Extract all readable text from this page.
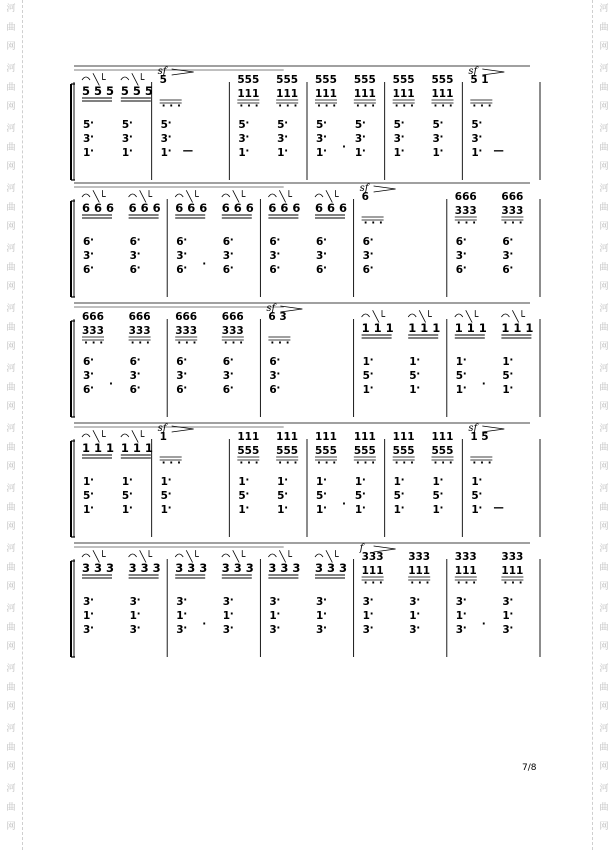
河
曲
网
河
曲
网
河
曲
网
河
曲
网
河
曲
网
河
曲
网
河
曲
网
河
曲
网
河
曲
网
河
曲
网
河
曲
网
河
曲
网
河
曲
网
河
曲
网
河
曲
网
河
曲
网
河
曲
网
河
曲
网
河
曲
网
河
曲
网
河
曲
网
河
曲
网
河
曲
网
河
曲
网
河
曲
网
河
曲
网
河
曲
网
河
曲
网
5 5 5
╲└
5 5 5
╲└
5 ·
3 ·
1 ·
5 ·
3 ·
1 ·
sf
5
· · ·
5 ·
3 ·
1 · —
555
111
· · ·
555
111
· · ·
5 ·
3 ·
1 ·
5 ·
3 ·
1 ·
555
111
· · ·
555
111
· · ·
5 ·
3 ·
1 · ·
5 ·
3 ·
1 ·
555
111
· · ·
555
111
· · ·
5 ·
3 ·
1 ·
5 ·
3 ·
1 ·
sf
5 1
· · ·
5 ·
3 ·
1 · —
6 6 6
╲└
6 6 6
╲└
6 ·
3 ·
6 ·
6 ·
3 ·
6 ·
6 6 6
╲└
6 6 6
╲└
6 ·
3 ·
6 · ·
6 ·
3 ·
6 ·
6 6 6
╲└
6 6 6
╲└
6 ·
3 ·
6 ·
6 ·
3 ·
6 ·
sf
6
· · ·
6 ·
3 ·
6 ·
666
333
· · ·
666
333
· · ·
6 ·
3 ·
6 ·
6 ·
3 ·
6 ·
666
333
· · ·
666
333
· · ·
6 ·
3 ·
6 · ·
6 ·
3 ·
6 ·
666
333
· · ·
666
333
· · ·
6 ·
3 ·
6 ·
6 ·
3 ·
6 ·
sf
6 3
· · ·
6 ·
3 ·
6 ·
1 1 1
╲└
1 1 1
╲└
1 ·
5 ·
1 ·
1 ·
5 ·
1 ·
1 1 1
╲└
1 1 1
╲└
1 ·
5 ·
1 · ·
1 ·
5 ·
1 ·
1 1 1
╲└
1 1 1
╲└
1 ·
5 ·
1 ·
1 ·
5 ·
1 ·
sf
1
· · ·
1 ·
5 ·
1 ·
111
555
· · ·
111
555
· · ·
1 ·
5 ·
1 ·
1 ·
5 ·
1 ·
111
555
· · ·
111
555
· · ·
1 ·
5 ·
1 · ·
1 ·
5 ·
1 ·
111
555
· · ·
111
555
· · ·
1 ·
5 ·
1 ·
1 ·
5 ·
1 ·
sf
1 5
· · ·
1 ·
5 ·
1 · —
3 3 3
╲└
3 3 3
╲└
3 ·
1 ·
3 ·
3 ·
1 ·
3 ·
3 3 3
╲└
3 3 3
╲└
3 ·
1 ·
3 · ·
3 ·
1 ·
3 ·
3 3 3
╲└
3 3 3
╲└
3 ·
1 ·
3 ·
3 ·
1 ·
3 ·
f
333
111
· · ·
333
111
· · ·
3 ·
1 ·
3 ·
3 ·
1 ·
3 ·
333
111
· · ·
333
111
· · ·
3 ·
1 ·
3 · ·
3 ·
1 ·
3 ·
7/8
